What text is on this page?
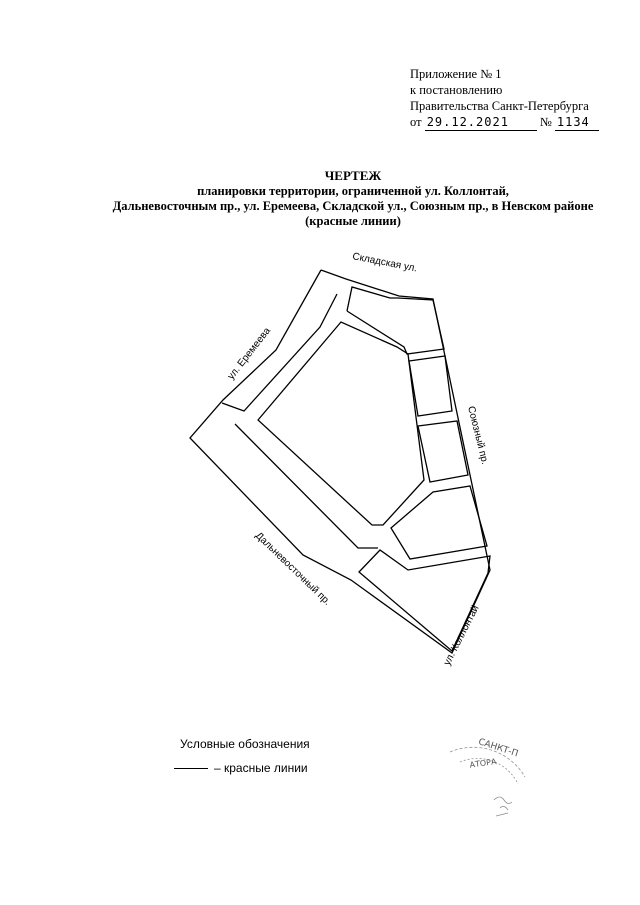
Приложение № 1
к постановлению
Правительства Санкт-Петербурга
от 29.12.2021 № 1134
ЧЕРТЕЖ
планировки территории, ограниченной ул. Коллонтай,
Дальневосточным пр., ул. Еремеева, Складской ул., Союзным пр., в Невском районе
(красные линии)
Складская ул.
ул. Еремеева
Союзный пр.
Дальневосточный пр.
ул. Коллонтай
Условные обозначения
– красные линии
САНКТ-П
АТОРА
